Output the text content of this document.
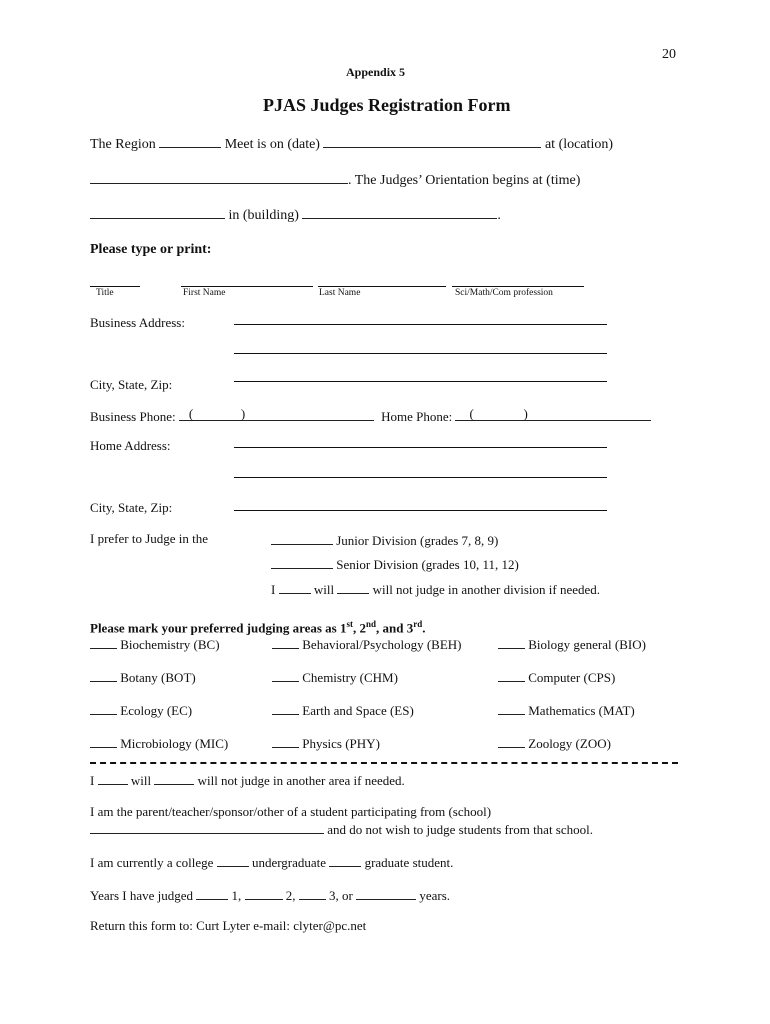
20
Appendix 5
PJAS Judges Registration Form
The Region	Meet is on (date)	at (location)
. The Judges’ Orientation begins at (time)
in (building)	.
Please type or print:
Title	First Name	Last Name	Sci/Math/Com profession
Business Address:
City, State, Zip:
Business Phone: (	)	Home Phone: (	)
Home Address:
City, State, Zip:
I prefer to Judge in the	Junior Division (grades 7, 8, 9)
Senior Division (grades 10, 11, 12)
I	will	will not judge in another division if needed.
Please mark your preferred judging areas as 1st, 2nd, and 3rd.
Biochemistry (BC)	Behavioral/Psychology (BEH)	Biology general (BIO)
Botany (BOT)	Chemistry (CHM)	Computer (CPS)
Ecology (EC)	Earth and Space (ES)	Mathematics (MAT)
Microbiology (MIC)	Physics (PHY)	Zoology (ZOO)
I	will	will not judge in another area if needed.
I am the parent/teacher/sponsor/other of a student participating from (school)
and do not wish to judge students from that school.
I am currently a college	undergraduate	graduate student.
Years I have judged	1,	2,	3, or	years.
Return this form to: Curt Lyter e-mail: clyter@pc.net
